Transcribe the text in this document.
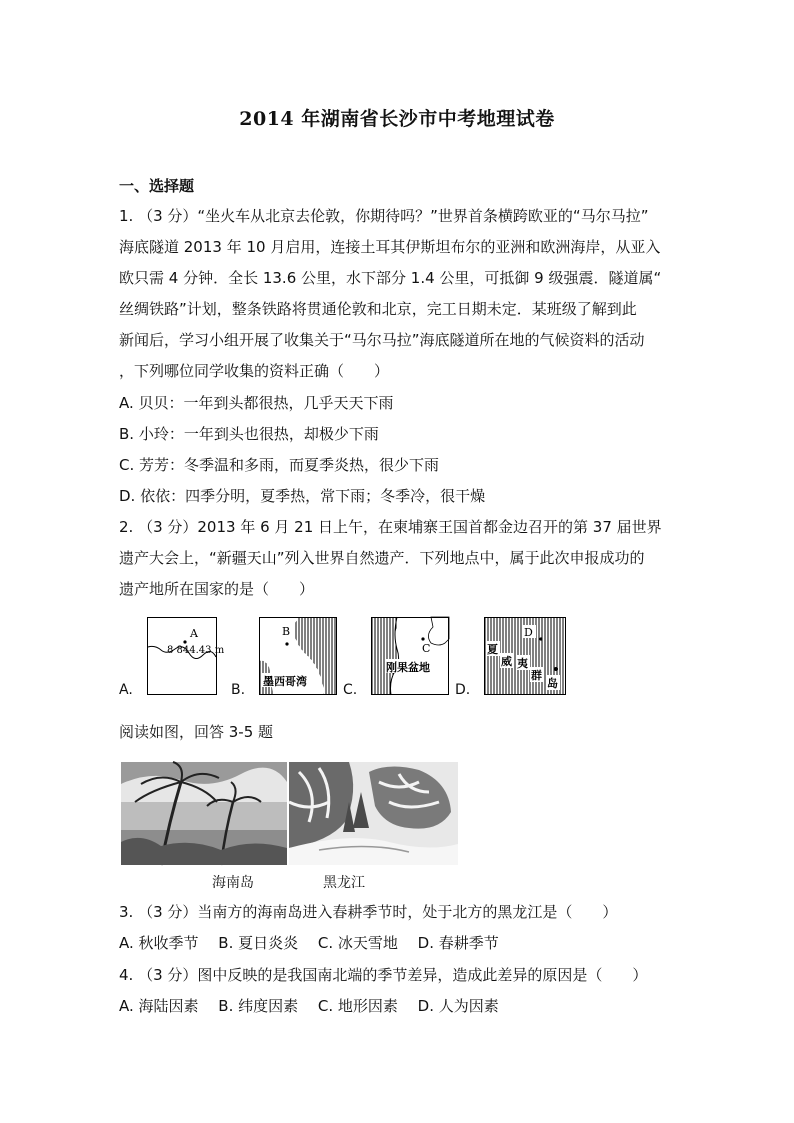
2014 年湖南省长沙市中考地理试卷
一、选择题
1. （3 分）“坐火车从北京去伦敦，你期待吗？”世界首条横跨欧亚的“马尔马拉”
海底隧道 2013 年 10 月启用，连接土耳其伊斯坦布尔的亚洲和欧洲海岸，从亚入
欧只需 4 分钟．全长 13.6 公里，水下部分 1.4 公里，可抵御 9 级强震．隧道属“
丝绸铁路”计划，整条铁路将贯通伦敦和北京，完工日期未定．某班级了解到此
新闻后，学习小组开展了收集关于“马尔马拉”海底隧道所在地的气候资料的活动
，下列哪位同学收集的资料正确（　　）
A. 贝贝：一年到头都很热，几乎天天下雨
B. 小玲：一年到头也很热，却极少下雨
C. 芳芳：冬季温和多雨，而夏季炎热，很少下雨
D. 依依：四季分明，夏季热，常下雨；冬季冷，很干燥
2. （3 分）2013 年 6 月 21 日上午，在柬埔寨王国首都金边召开的第 37 届世界
遗产大会上，“新疆天山”列入世界自然遗产．下列地点中，属于此次申报成功的
遗产地所在国家的是（　　）
A.
A
8 844.43 m
B.
B
墨西哥湾
C.
C
刚果盆地
D.
D
夏
威 夷
群
岛
阅读如图，回答 3-5 题
海南岛	黑龙江
3. （3 分）当南方的海南岛进入春耕季节时，处于北方的黑龙江是（　　）
A. 秋收季节　 B. 夏日炎炎　 C. 冰天雪地　 D. 春耕季节
4. （3 分）图中反映的是我国南北端的季节差异，造成此差异的原因是（　　）
A. 海陆因素　 B. 纬度因素　 C. 地形因素　 D. 人为因素
